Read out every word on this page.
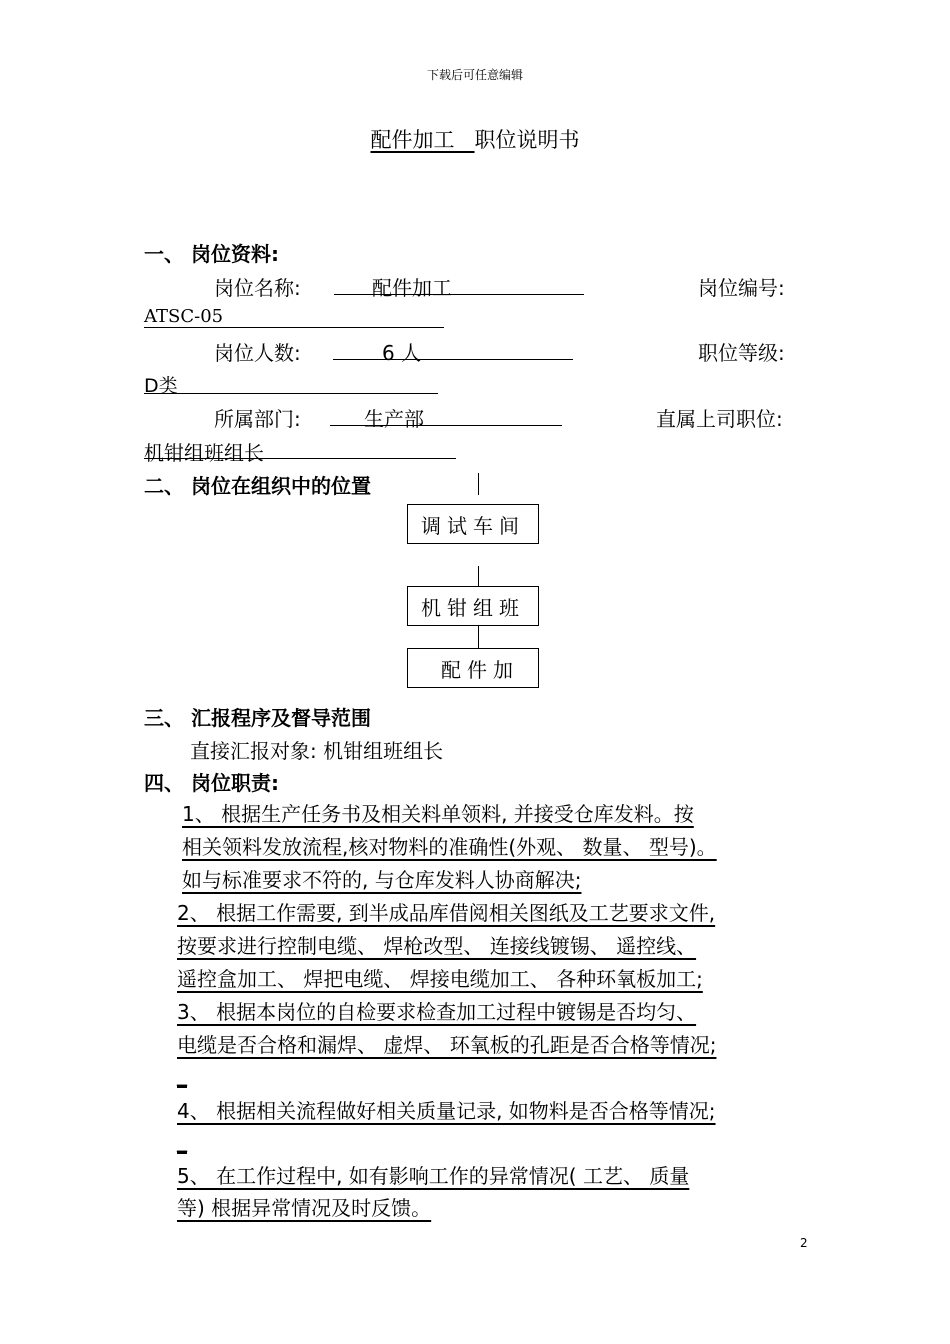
下载后可任意编辑
配件加工 职位说明书
一、 岗位资料:
岗位名称:	配件加工	岗位编号:
ATSC-05
岗位人数:	6 人	职位等级:
D类
所属部门:	生产部	直属上司职位:
机钳组班组长
二、 岗位在组织中的位置
调试车间
机钳组班
配件加
三、 汇报程序及督导范围
直接汇报对象: 机钳组班组长
四、 岗位职责:
1、 根据生产任务书及相关料单领料, 并接受仓库发料。按
相关领料发放流程,核对物料的准确性(外观、 数量、 型号)。
如与标准要求不符的, 与仓库发料人协商解决;
2、 根据工作需要, 到半成品库借阅相关图纸及工艺要求文件,
按要求进行控制电缆、 焊枪改型、 连接线镀锡、 遥控线、
遥控盒加工、 焊把电缆、 焊接电缆加工、 各种环氧板加工;
3、 根据本岗位的自检要求检查加工过程中镀锡是否均匀、
电缆是否合格和漏焊、 虚焊、 环氧板的孔距是否合格等情况;
_
4、 根据相关流程做好相关质量记录, 如物料是否合格等情况;
_
5、 在工作过程中, 如有影响工作的异常情况( 工艺、 质量
等) 根据异常情况及时反馈。
2
